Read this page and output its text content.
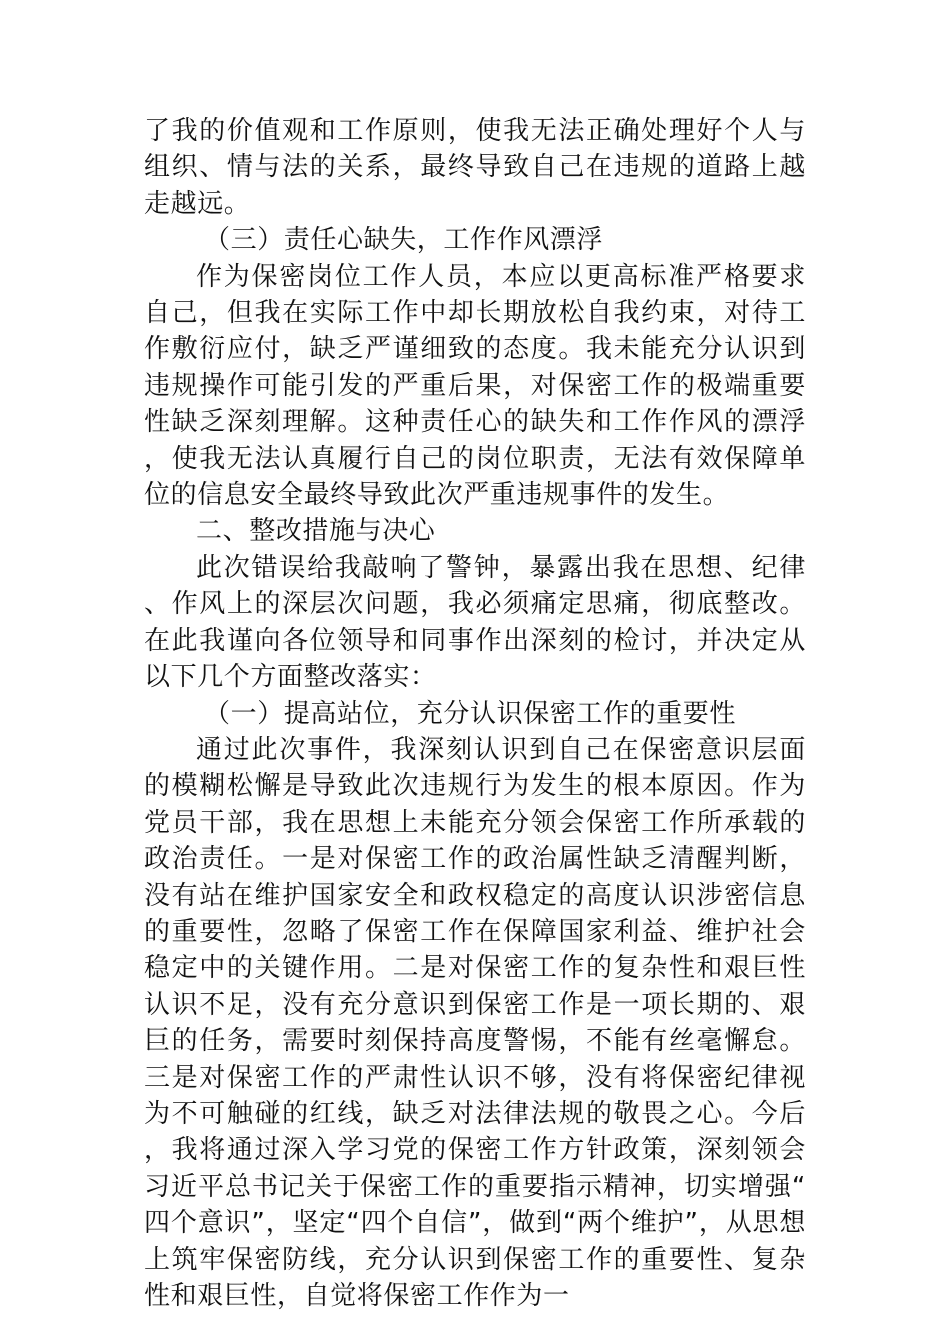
了我的价值观和工作原则，使我无法正确处理好个人与组织、情与法的关系，最终导致自己在违规的道路上越走越远。

（三）责任心缺失，工作作风漂浮

作为保密岗位工作人员，本应以更高标准严格要求自己，但我在实际工作中却长期放松自我约束，对待工作敷衍应付，缺乏严谨细致的态度。我未能充分认识到违规操作可能引发的严重后果，对保密工作的极端重要性缺乏深刻理解。这种责任心的缺失和工作作风的漂浮，使我无法认真履行自己的岗位职责，无法有效保障单位的信息安全最终导致此次严重违规事件的发生。

二、整改措施与决心

此次错误给我敲响了警钟，暴露出我在思想、纪律、作风上的深层次问题，我必须痛定思痛，彻底整改。在此我谨向各位领导和同事作出深刻的检讨，并决定从以下几个方面整改落实：

（一）提高站位，充分认识保密工作的重要性

通过此次事件，我深刻认识到自己在保密意识层面的模糊松懈是导致此次违规行为发生的根本原因。作为党员干部，我在思想上未能充分领会保密工作所承载的政治责任。一是对保密工作的政治属性缺乏清醒判断，没有站在维护国家安全和政权稳定的高度认识涉密信息的重要性，忽略了保密工作在保障国家利益、维护社会稳定中的关键作用。二是对保密工作的复杂性和艰巨性认识不足，没有充分意识到保密工作是一项长期的、艰巨的任务，需要时刻保持高度警惕，不能有丝毫懈怠。三是对保密工作的严肃性认识不够，没有将保密纪律视为不可触碰的红线，缺乏对法律法规的敬畏之心。今后，我将通过深入学习党的保密工作方针政策，深刻领会习近平总书记关于保密工作的重要指示精神，切实增强“四个意识”，坚定“四个自信”，做到“两个维护”，从思想上筑牢保密防线，充分认识到保密工作的重要性、复杂性和艰巨性，自觉将保密工作作为一
